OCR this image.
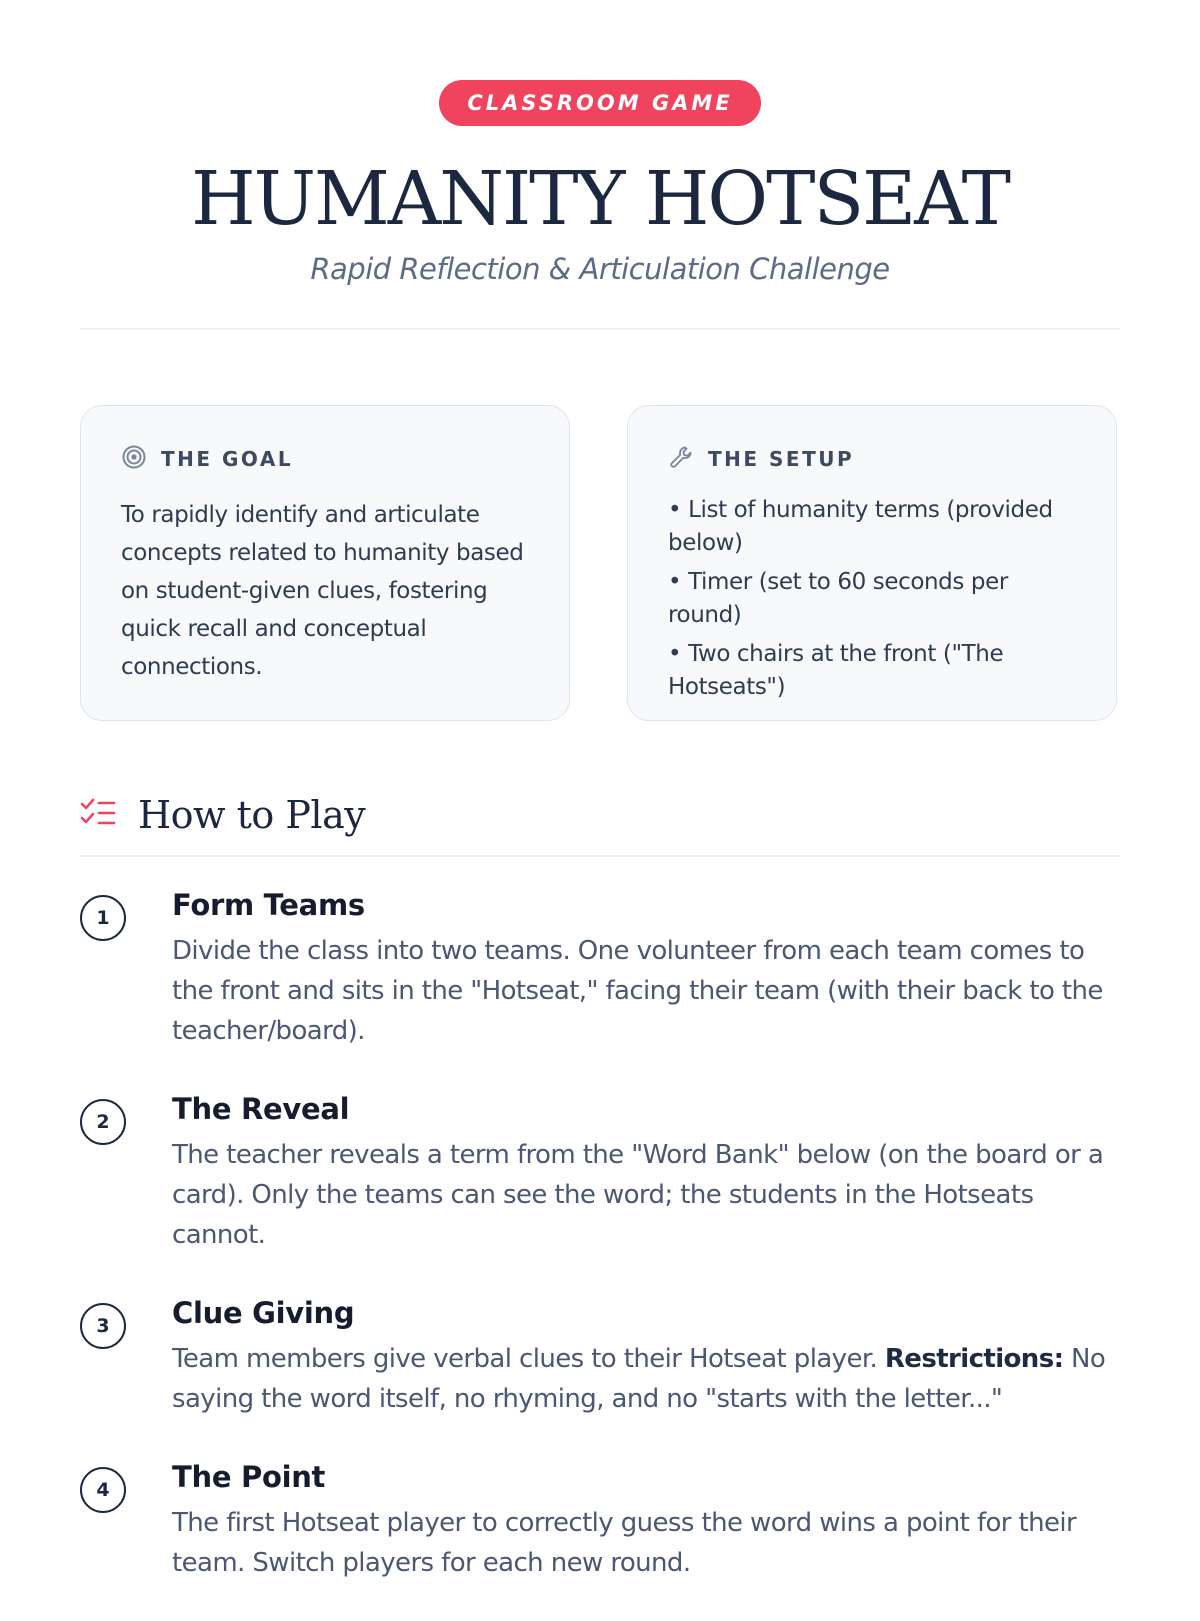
CLASSROOM GAME
HUMANITY HOTSEAT
Rapid Reflection & Articulation Challenge
THE GOAL
To rapidly identify and articulate concepts related to humanity based on student-given clues, fostering quick recall and conceptual connections.
THE SETUP
• List of humanity terms (provided below)
• Timer (set to 60 seconds per round)
• Two chairs at the front ("The Hotseats")
How to Play
1	Form Teams
Divide the class into two teams. One volunteer from each team comes to the front and sits in the "Hotseat," facing their team (with their back to the teacher/board).
2	The Reveal
The teacher reveals a term from the "Word Bank" below (on the board or a card). Only the teams can see the word; the students in the Hotseats cannot.
3	Clue Giving
Team members give verbal clues to their Hotseat player. Restrictions: No saying the word itself, no rhyming, and no "starts with the letter..."
4	The Point
The first Hotseat player to correctly guess the word wins a point for their team. Switch players for each new round.
